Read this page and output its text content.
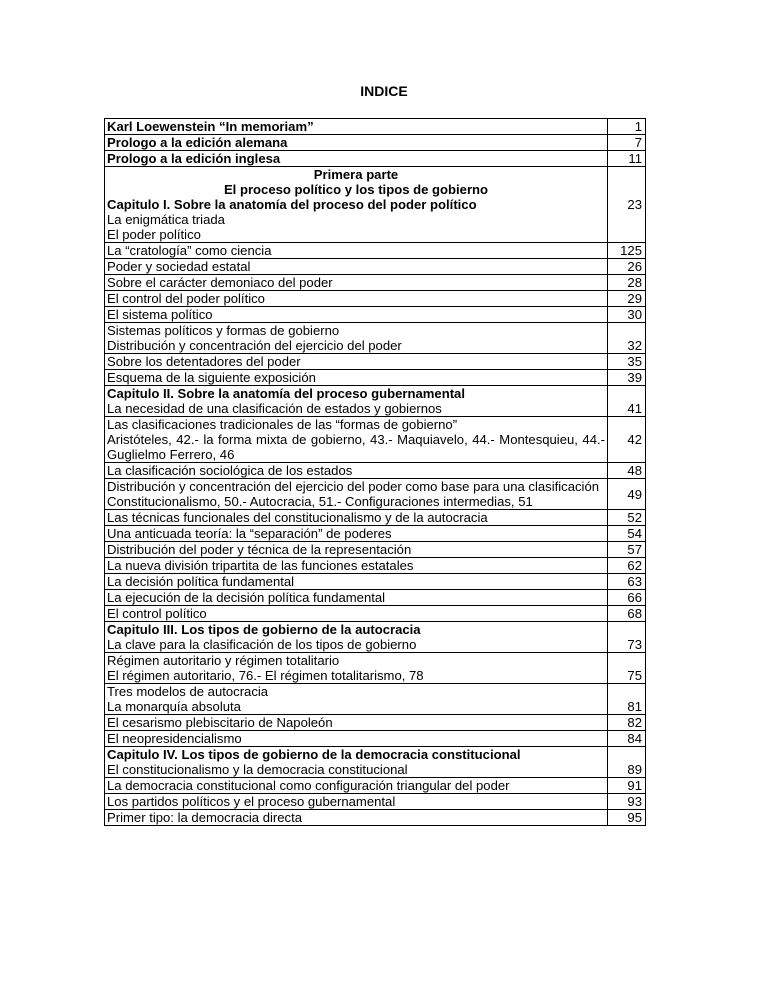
INDICE
Karl Loewenstein “In memoriam”	1
Prologo a la edición alemana	7
Prologo a la edición inglesa	11

Primera parte
El proceso político y los tipos de gobierno
Capitulo I. Sobre la anatomía del proceso del poder político
La enigmática triada
El poder político	23
La “cratología” como ciencia	125
Poder y sociedad estatal	26
Sobre el carácter demoniaco del poder	28
El control del poder político	29
El sistema político	30

Sistemas políticos y formas de gobierno
Distribución y concentración del ejercicio del poder	32
Sobre los detentadores del poder	35
Esquema de la siguiente exposición	39

Capitulo II. Sobre la anatomía del proceso gubernamental
La necesidad de una clasificación de estados y gobiernos	41

Las clasificaciones tradicionales de las “formas de gobierno”
Aristóteles, 42.- la forma mixta de gobierno, 43.- Maquiavelo, 44.- Montesquieu, 44.- Guglielmo Ferrero, 46	42
La clasificación sociológica de los estados	48

Distribución y concentración del ejercicio del poder como base para una clasificación
Constitucionalismo, 50.- Autocracia, 51.- Configuraciones intermedias, 51	49
Las técnicas funcionales del constitucionalismo y de la autocracia	52
Una anticuada teoría: la “separación” de poderes	54
Distribución del poder y técnica de la representación	57
La nueva división tripartita de las funciones estatales	62
La decisión política fundamental	63
La ejecución de la decisión política fundamental	66
El control político	68

Capitulo III. Los tipos de gobierno de la autocracia
La clave para la clasificación de los tipos de gobierno	73

Régimen autoritario y régimen totalitario
El régimen autoritario, 76.- El régimen totalitarismo, 78	75

Tres modelos de autocracia
La monarquía absoluta	81
El cesarismo plebiscitario de Napoleón	82
El neopresidencialismo	84

Capitulo IV. Los tipos de gobierno de la democracia constitucional
El constitucionalismo y la democracia constitucional	89
La democracia constitucional como configuración triangular del poder	91
Los partidos políticos y el proceso gubernamental	93
Primer tipo: la democracia directa	95
